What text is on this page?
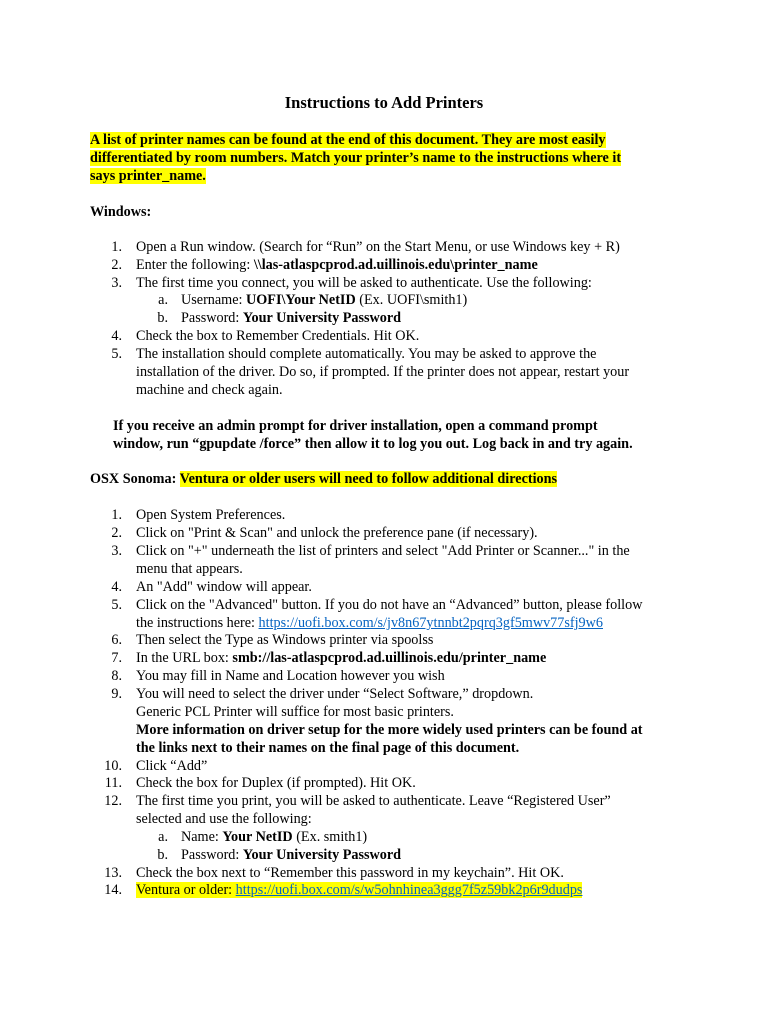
Instructions to Add Printers
A list of printer names can be found at the end of this document. They are most easily
differentiated by room numbers. Match your printer’s name to the instructions where it
says printer_name.
Windows:
1. Open a Run window. (Search for “Run” on the Start Menu, or use Windows key + R)
2. Enter the following: \\las-atlaspcprod.ad.uillinois.edu\printer_name
3. The first time you connect, you will be asked to authenticate. Use the following:
a. Username: UOFI\Your NetID (Ex. UOFI\smith1)
b. Password: Your University Password
4. Check the box to Remember Credentials. Hit OK.
5. The installation should complete automatically. You may be asked to approve the
installation of the driver. Do so, if prompted. If the printer does not appear, restart your
machine and check again.
If you receive an admin prompt for driver installation, open a command prompt
window, run “gpupdate /force” then allow it to log you out. Log back in and try again.
OSX Sonoma: Ventura or older users will need to follow additional directions
1. Open System Preferences.
2. Click on "Print & Scan" and unlock the preference pane (if necessary).
3. Click on "+" underneath the list of printers and select "Add Printer or Scanner..." in the
menu that appears.
4. An "Add" window will appear.
5. Click on the "Advanced" button. If you do not have an “Advanced” button, please follow
the instructions here: https://uofi.box.com/s/jv8n67ytnnbt2pqrq3gf5mwv77sfj9w6
6. Then select the Type as Windows printer via spoolss
7. In the URL box: smb://las-atlaspcprod.ad.uillinois.edu/printer_name
8. You may fill in Name and Location however you wish
9. You will need to select the driver under “Select Software,” dropdown.
Generic PCL Printer will suffice for most basic printers.
More information on driver setup for the more widely used printers can be found at
the links next to their names on the final page of this document.
10. Click “Add”
11. Check the box for Duplex (if prompted). Hit OK.
12. The first time you print, you will be asked to authenticate. Leave “Registered User”
selected and use the following:
a. Name: Your NetID (Ex. smith1)
b. Password: Your University Password
13. Check the box next to “Remember this password in my keychain”. Hit OK.
14. Ventura or older: https://uofi.box.com/s/w5ohnhinea3ggg7f5z59bk2p6r9dudps
